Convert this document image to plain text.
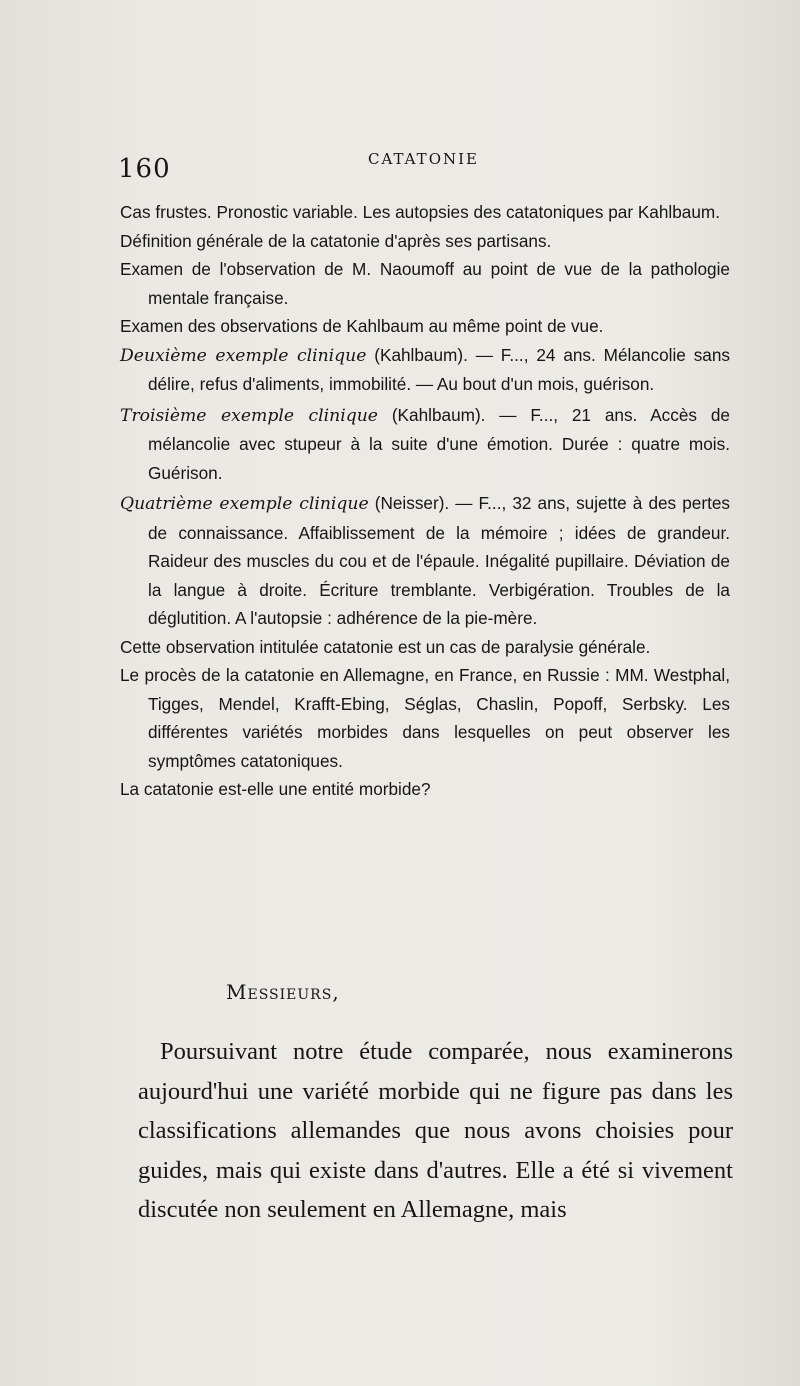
160	CATATONIE

Cas frustes. Pronostic variable. Les autopsies des catatoniques par Kahlbaum.

Définition générale de la catatonie d'après ses partisans.

Examen de l'observation de M. Naoumoff au point de vue de la pathologie mentale française.

Examen des observations de Kahlbaum au même point de vue.

Deuxième exemple clinique (Kahlbaum). — F..., 24 ans. Mélancolie sans délire, refus d'aliments, immobilité. — Au bout d'un mois, guérison.

Troisième exemple clinique (Kahlbaum). — F..., 21 ans. Accès de mélancolie avec stupeur à la suite d'une émotion. Durée : quatre mois. Guérison.

Quatrième exemple clinique (Neisser). — F..., 32 ans, sujette à des pertes de connaissance. Affaiblissement de la mémoire ; idées de grandeur. Raideur des muscles du cou et de l'épaule. Inégalité pupillaire. Déviation de la langue à droite. Écriture tremblante. Verbigération. Troubles de la déglutition. A l'autopsie : adhérence de la pie-mère.

Cette observation intitulée catatonie est un cas de paralysie générale.

Le procès de la catatonie en Allemagne, en France, en Russie : MM. Westphal, Tigges, Mendel, Krafft-Ebing, Séglas, Chaslin, Popoff, Serbsky. Les différentes variétés morbides dans lesquelles on peut observer les symptômes catatoniques.

La catatonie est-elle une entité morbide?

Messieurs,

Poursuivant notre étude comparée, nous examinerons aujourd'hui une variété morbide qui ne figure pas dans les classifications allemandes que nous avons choisies pour guides, mais qui existe dans d'autres. Elle a été si vivement discutée non seulement en Allemagne, mais
